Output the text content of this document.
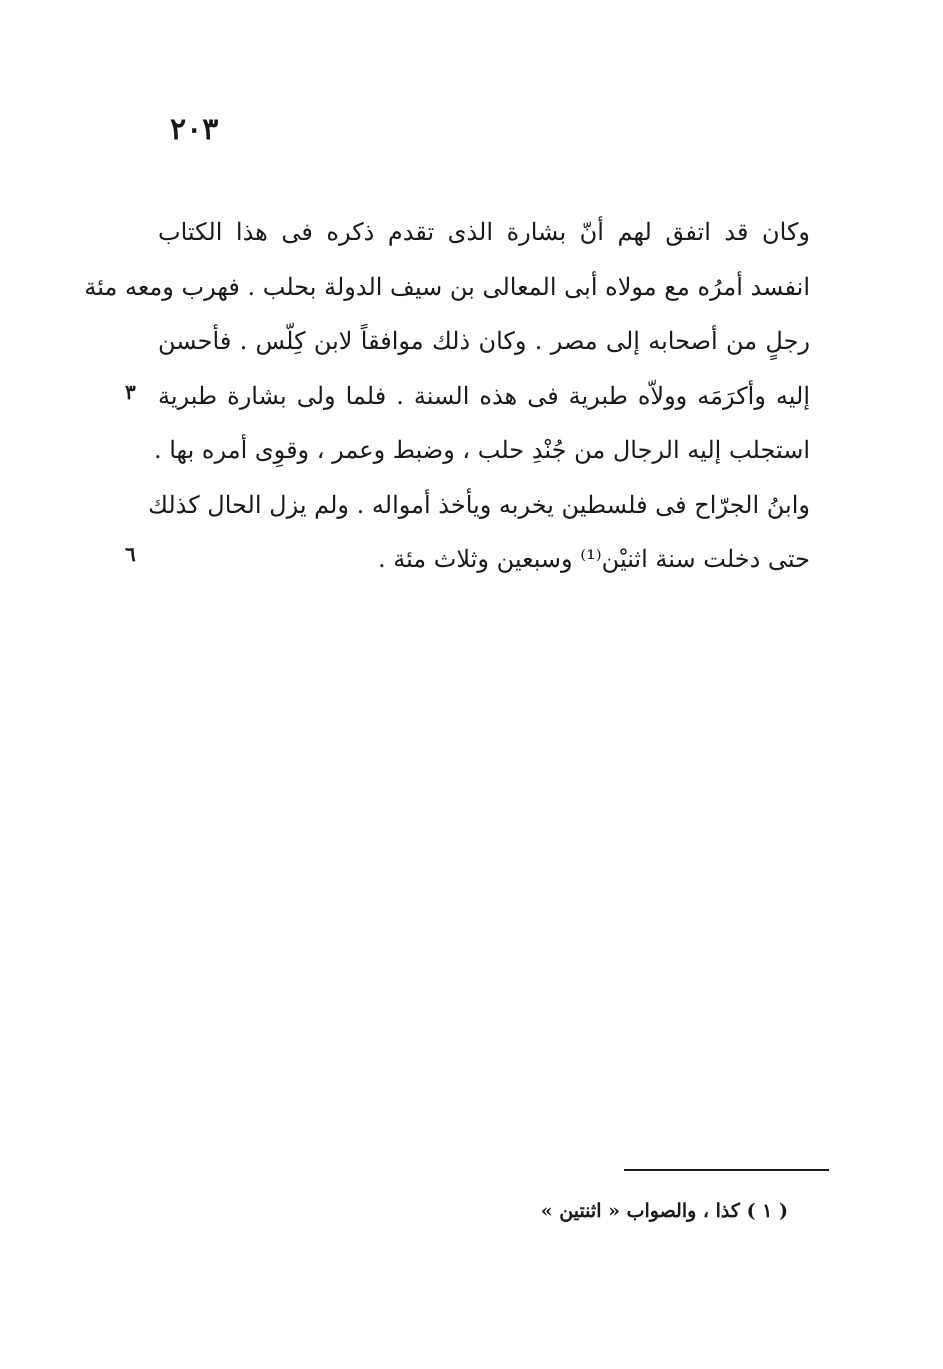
٢٠٣
وكان قد اتفق لهم أنّ بشارة الذى تقدم ذكره فى هذا الكتاب
انفسد أمرُه مع مولاه أبى المعالى بن سيف الدولة بحلب . فهرب ومعه مئة
رجلٍ من أصحابه إلى مصر . وكان ذلك موافقاً لابن كِلّس . فأحسن
إليه وأكرَمَه وولاّه طبرية فى هذه السنة . فلما ولى بشارة طبرية
استجلب إليه الرجال من جُنْدِ حلب ، وضبط وعمر ، وقوِى أمره بها .
وابنُ الجرّاح فى فلسطين يخربه ويأخذ أمواله . ولم يزل الحال كذلك
حتى دخلت سنة اثنيْن⁽¹⁾ وسبعين وثلاث مئة .
٣
٦
( ١ ) كذا ، والصواب « اثنتين »
